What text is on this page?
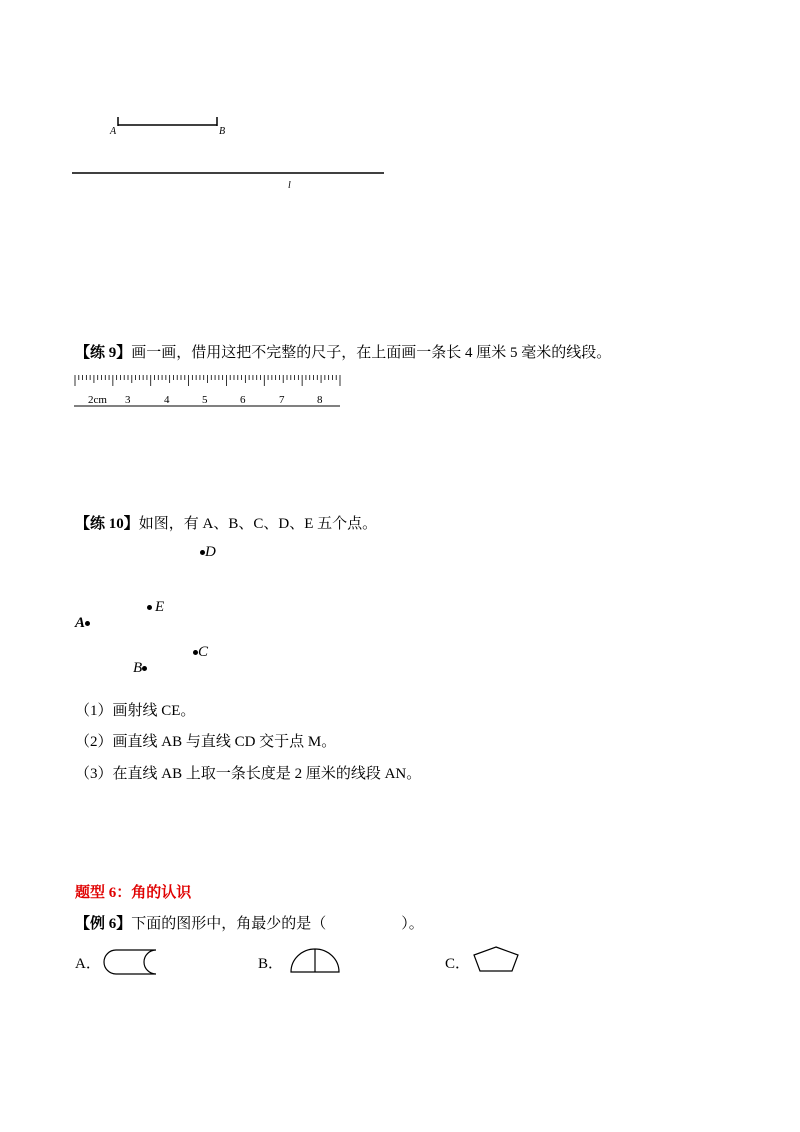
A	B
l
【练 9】画一画，借用这把不完整的尺子，在上面画一条长 4 厘米 5 毫米的线段。
2cm 3	4	5	6	7	8
【练 10】如图，有 A、B、C、D、E 五个点。
D
E
A
C
B
（1）画射线 CE。
（2）画直线 AB 与直线 CD 交于点 M。
（3）在直线 AB 上取一条长度是 2 厘米的线段 AN。
题型 6：角的认识
【例 6】下面的图形中，角最少的是（　　　　　）。
A．	B．	C．
